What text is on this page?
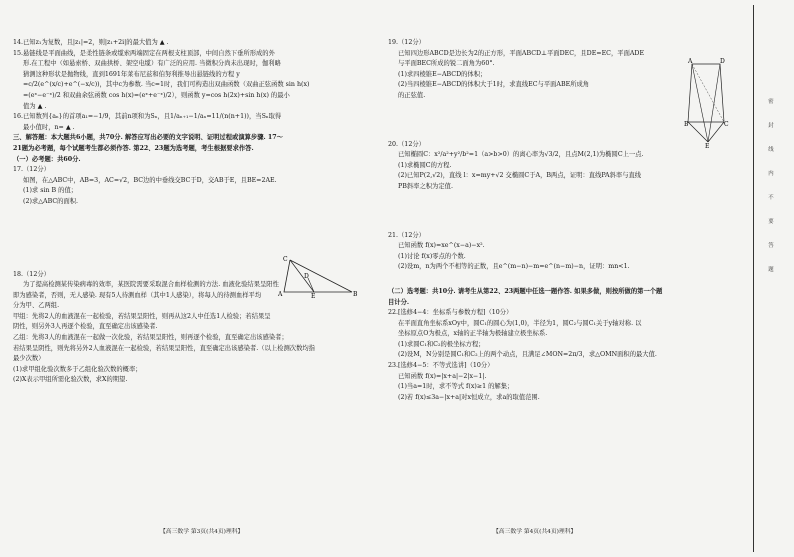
14.已知z₁为复数，且|z₁|=2，则|z₁+2i|的最大值为 ▲ .

15.悬链线是平面曲线，是柔性链条或缆索两端固定在两根支柱顶部，中间自然下垂所形成的外

形.在工程中（如悬索桥、双曲拱桥、架空电缆）有广泛的应用. 当微积分尚未出现时，伽利略

猜测这种形状是抛物线，直到1691年莱布尼兹和伯努利推导出悬链线的方程 y

=c/2(e^(x/c)+e^(−x/c))，其中c为参数. 当c=1时，我们可构造出双曲函数（双曲正弦函数 sin h(x)

=(eˣ−e⁻ˣ)/2 和双曲余弦函数 cos h(x)=(eˣ+e⁻ˣ)/2），则函数 y=cos h(2x)+sin h(x) 的最小

值为 ▲ .

16.已知数列{aₙ}的首项a₁=−1/9，其前n项和为Sₙ，且1/aₙ₊₁−1/aₙ=11/(n(n+1))，当Sₙ取得

最小值时，n= ▲ .

三、解答题：本大题共6小题，共70分. 解答应写出必要的文字说明、证明过程或演算步骤. 17～

21题为必考题，每个试题考生都必须作答. 第22、23题为选考题，考生根据要求作答.

（一）必考题：共60分.

17.（12分）

如图，在△ABC中，AB=3，AC=√2，BC边的中垂线交BC于D，交AB于E，且BE=2AE.

(1)求 sin B 的值；

(2)求△ABC的面积.

18.（12分）

为了提高检测某传染病毒的效率，某医院需要采取混合血样检测的方法. 血液化验结果呈阳性

即为感染者，否则，无人感染. 现有5人待测血样（其中1人感染），将每人的待测血样平均

分为甲、乙两组.

甲组：先将2人的血液混在一起检验，若结果呈阳性，则再从这2人中任选1人检验；若结果呈

阴性，则另外3人再逐个检验，直至确定出该感染者.

乙组：先将3人的血液混在一起做一次化验，若结果呈阳性，则再逐个检验，直至确定出该感染者；

若结果呈阴性，则先将另外2人血液混在一起检验，若结果呈阳性，直至确定出该感染者.（以上检测次数均指

最少次数）

(1)求甲组化验次数多于乙组化验次数的概率；

(2)X表示甲组所需化验次数，求X的期望.

C
A
D
E	B

19.（12分）

已知四边形ABCD是边长为2的正方形，平面ABCD⊥平面DEC，且DE=EC，平面ADE

与平面BEC所成的锐二面角为60°.

(1)求四棱锥E−ABCD的体积；

(2)当四棱锥E−ABCD的体积大于1时，求直线EC与平面ABE所成角

的正弦值.

20.（12分）

已知椭圆C：x²/a²+y²/b²=1（a>b>0）的离心率为√3/2，且点M(2,1)为椭圆C上一点.

(1)求椭圆C的方程.

(2)已知P(2,√2)，直线 l：x=my+√2 交椭圆C于A，B两点，证明：直线PA斜率与直线

PB斜率之积为定值.

21.（12分）

已知函数 f(x)=xe^(x−a)−x².

(1)讨论 f(x)零点的个数.

(2)设m，n为两个不相等的正数，且e^(m−n)−m=e^(n−m)−n，证明：mn<1.

（二）选考题：共10分. 请考生从第22、23两题中任选一题作答. 如果多做，则按所做的第一个题

目计分.

22.[选修4−4：坐标系与参数方程]（10分）

在平面直角坐标系xOy中，圆C₁的圆心为(1,0)，半径为1，圆C₂与圆C₁关于y轴对称. 以

坐标原点O为极点，x轴的正半轴为极轴建立极坐标系.

(1)求圆C₁和C₂的极坐标方程；

(2)设M，N分别是圆C₁和C₂上的两个动点，且满足∠MON=2π/3，求△OMN面积的最大值.

23.[选修4−5：不等式选讲]（10分）

已知函数 f(x)=|x+a|−2|x−1|.

(1)当a=1时，求不等式 f(x)≥1 的解集；

(2)若 f(x)≤3a−|x+a|对x恒成立，求a的取值范围.

A
B	C
D
E
【高三数学 第3页(共4页)理科】	【高三数学 第4页(共4页)理科】
密
封
线
内
不
要
答
题
